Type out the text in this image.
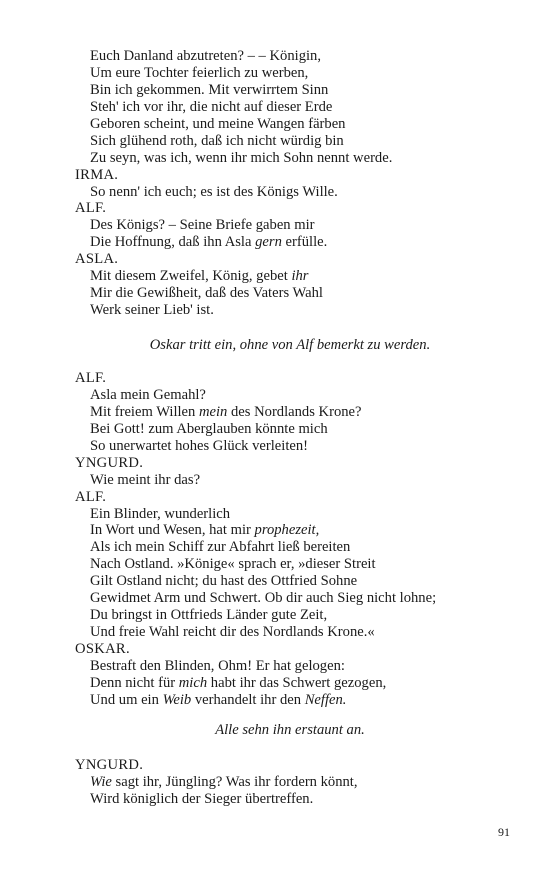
Euch Danland abzutreten? – – Königin,
Um eure Tochter feierlich zu werben,
Bin ich gekommen. Mit verwirrtem Sinn
Steh' ich vor ihr, die nicht auf dieser Erde
Geboren scheint, und meine Wangen färben
Sich glühend roth, daß ich nicht würdig bin
Zu seyn, was ich, wenn ihr mich Sohn nennt werde.
IRMA.
So nenn' ich euch; es ist des Königs Wille.
ALF.
Des Königs? – Seine Briefe gaben mir
Die Hoffnung, daß ihn Asla gern erfülle.
ASLA.
Mit diesem Zweifel, König, gebet ihr
Mir die Gewißheit, daß des Vaters Wahl
Werk seiner Lieb' ist.
Oskar tritt ein, ohne von Alf bemerkt zu werden.
ALF.
Asla mein Gemahl?
Mit freiem Willen mein des Nordlands Krone?
Bei Gott! zum Aberglauben könnte mich
So unerwartet hohes Glück verleiten!
YNGURD.
Wie meint ihr das?
ALF.
Ein Blinder, wunderlich
In Wort und Wesen, hat mir prophezeit,
Als ich mein Schiff zur Abfahrt ließ bereiten
Nach Ostland. »Könige« sprach er, »dieser Streit
Gilt Ostland nicht; du hast des Ottfried Sohne
Gewidmet Arm und Schwert. Ob dir auch Sieg nicht lohne;
Du bringst in Ottfrieds Länder gute Zeit,
Und freie Wahl reicht dir des Nordlands Krone.«
OSKAR.
Bestraft den Blinden, Ohm! Er hat gelogen:
Denn nicht für mich habt ihr das Schwert gezogen,
Und um ein Weib verhandelt ihr den Neffen.
Alle sehn ihn erstaunt an.
YNGURD.
Wie sagt ihr, Jüngling? Was ihr fordern könnt,
Wird königlich der Sieger übertreffen.
91
